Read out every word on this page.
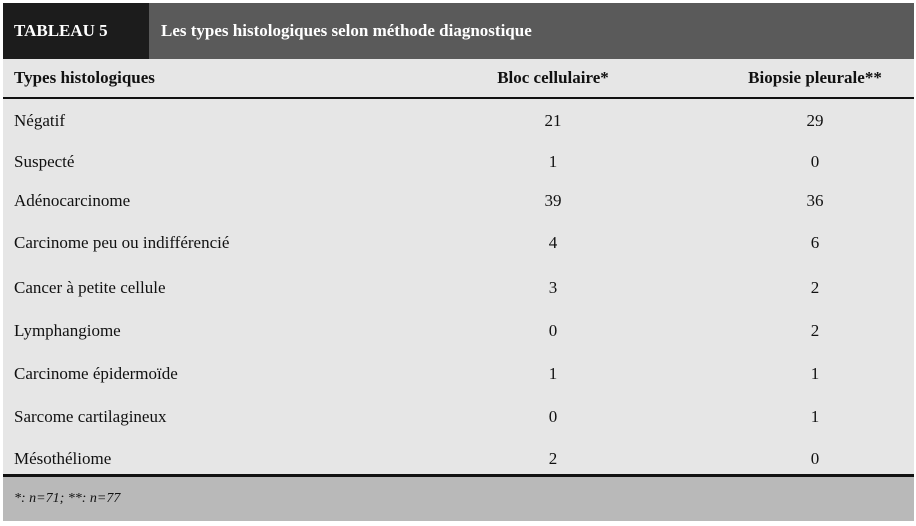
TABLEAU 5	Les types histologiques selon méthode diagnostique
Types histologiques	Bloc cellulaire*	Biopsie pleurale**
Négatif	21	29
Suspecté	1	0
Adénocarcinome	39	36
Carcinome peu ou indifférencié	4	6
Cancer à petite cellule	3	2
Lymphangiome	0	2
Carcinome épidermoïde	1	1
Sarcome cartilagineux	0	1
Mésothéliome	2	0
*: n=71; **: n=77
